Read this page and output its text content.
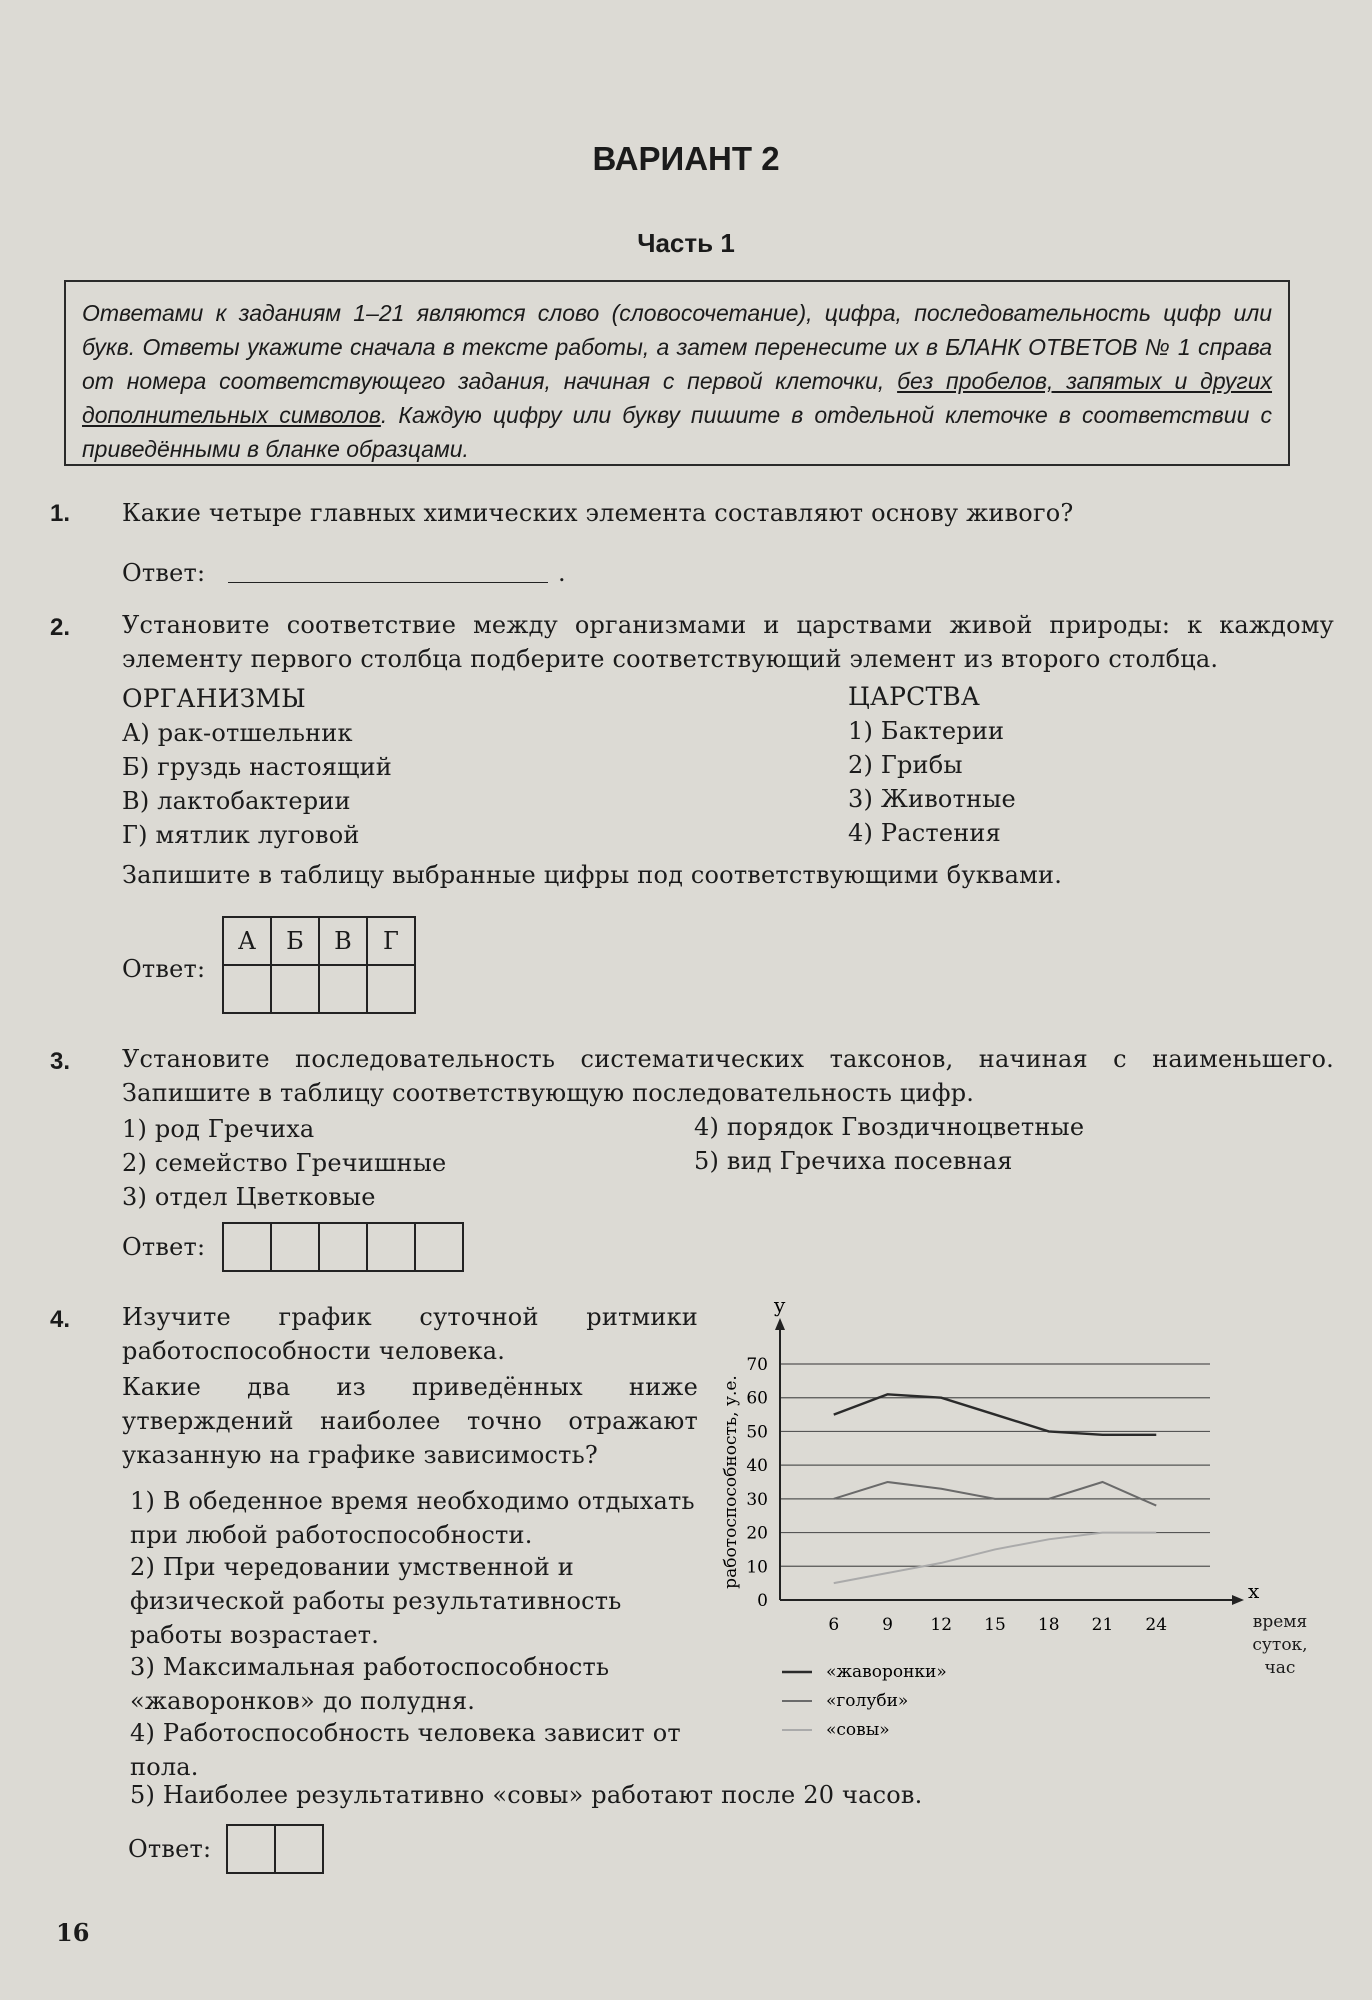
ВАРИАНТ 2
Часть 1
Ответами к заданиям 1–21 являются слово (словосочетание), цифра, последовательность цифр или букв. Ответы укажите сначала в тексте работы, а затем перенесите их в БЛАНК ОТВЕТОВ № 1 справа от номера соответствующего задания, начиная с первой клеточки, без пробелов, запятых и других дополнительных символов. Каждую цифру или букву пишите в отдельной клеточке в соответствии с приведёнными в бланке образцами.
1. Какие четыре главных химических элемента составляют основу живого?
Ответ:	.
2. Установите соответствие между организмами и царствами живой природы: к каждому элементу первого столбца подберите соответствующий элемент из второго столбца.
ОРГАНИЗМЫ
А) рак-отшельник
Б) груздь настоящий
В) лактобактерии
Г) мятлик луговой
ЦАРСТВА
1) Бактерии
2) Грибы
3) Животные
4) Растения
Запишите в таблицу выбранные цифры под соответствующими буквами.
Ответ:
А	Б	В	Г

3. Установите последовательность систематических таксонов, начиная с наименьшего. Запишите в таблицу соответствующую последовательность цифр.
1) род Гречиха
2) семейство Гречишные
3) отдел Цветковые
4) порядок Гвоздичноцветные
5) вид Гречиха посевная
Ответ:
4. Изучите график суточной ритмики работоспособности человека.
Какие два из приведённых ниже утверждений наиболее точно отражают указанную на графике зависимость?
1) В обеденное время необходимо отдыхать при любой работоспособности.
2) При чередовании умственной и физической работы результативность работы возрастает.
3) Максимальная работоспособность «жаворонков» до полудня.
4) Работоспособность человека зависит от пола.
5) Наиболее результативно «совы» работают после 20 часов.
Ответ:
x
y
0
10
20
30
40
50
60
70
6	9 12 15 18 21 24
работоспособность, у.е.
«жаворонки»
«голуби»
«совы»
время суток, час
16
